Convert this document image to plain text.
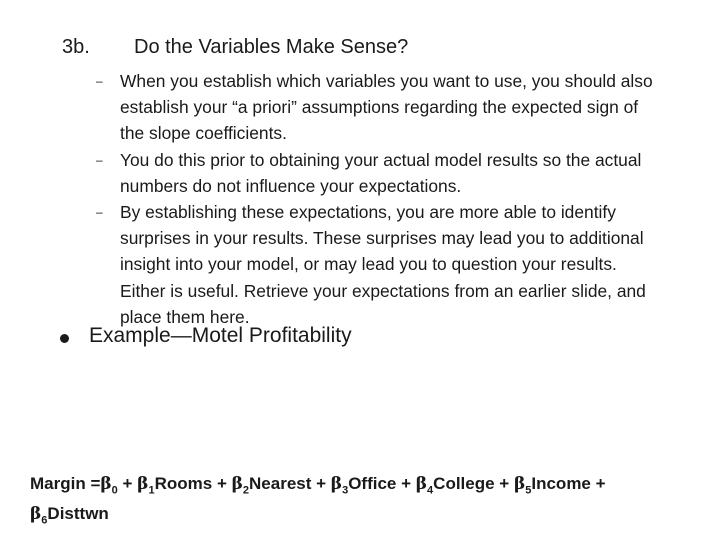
3b. Do the Variables Make Sense?
– When you establish which variables you want to use, you should also establish your “a priori” assumptions regarding the expected sign of the slope coefficients.
– You do this prior to obtaining your actual model results so the actual numbers do not influence your expectations.
– By establishing these expectations, you are more able to identify surprises in your results. These surprises may lead you to additional insight into your model, or may lead you to question your results. Either is useful. Retrieve your expectations from an earlier slide, and place them here.
Example—Motel Profitability
Margin $=\beta_0$ + $\beta_1Rooms$ + $\beta_2Nearest$ + $\beta_3Office$ + $\beta_4College$ + $\beta_5Income$ +
$\beta_6Disttwn$
